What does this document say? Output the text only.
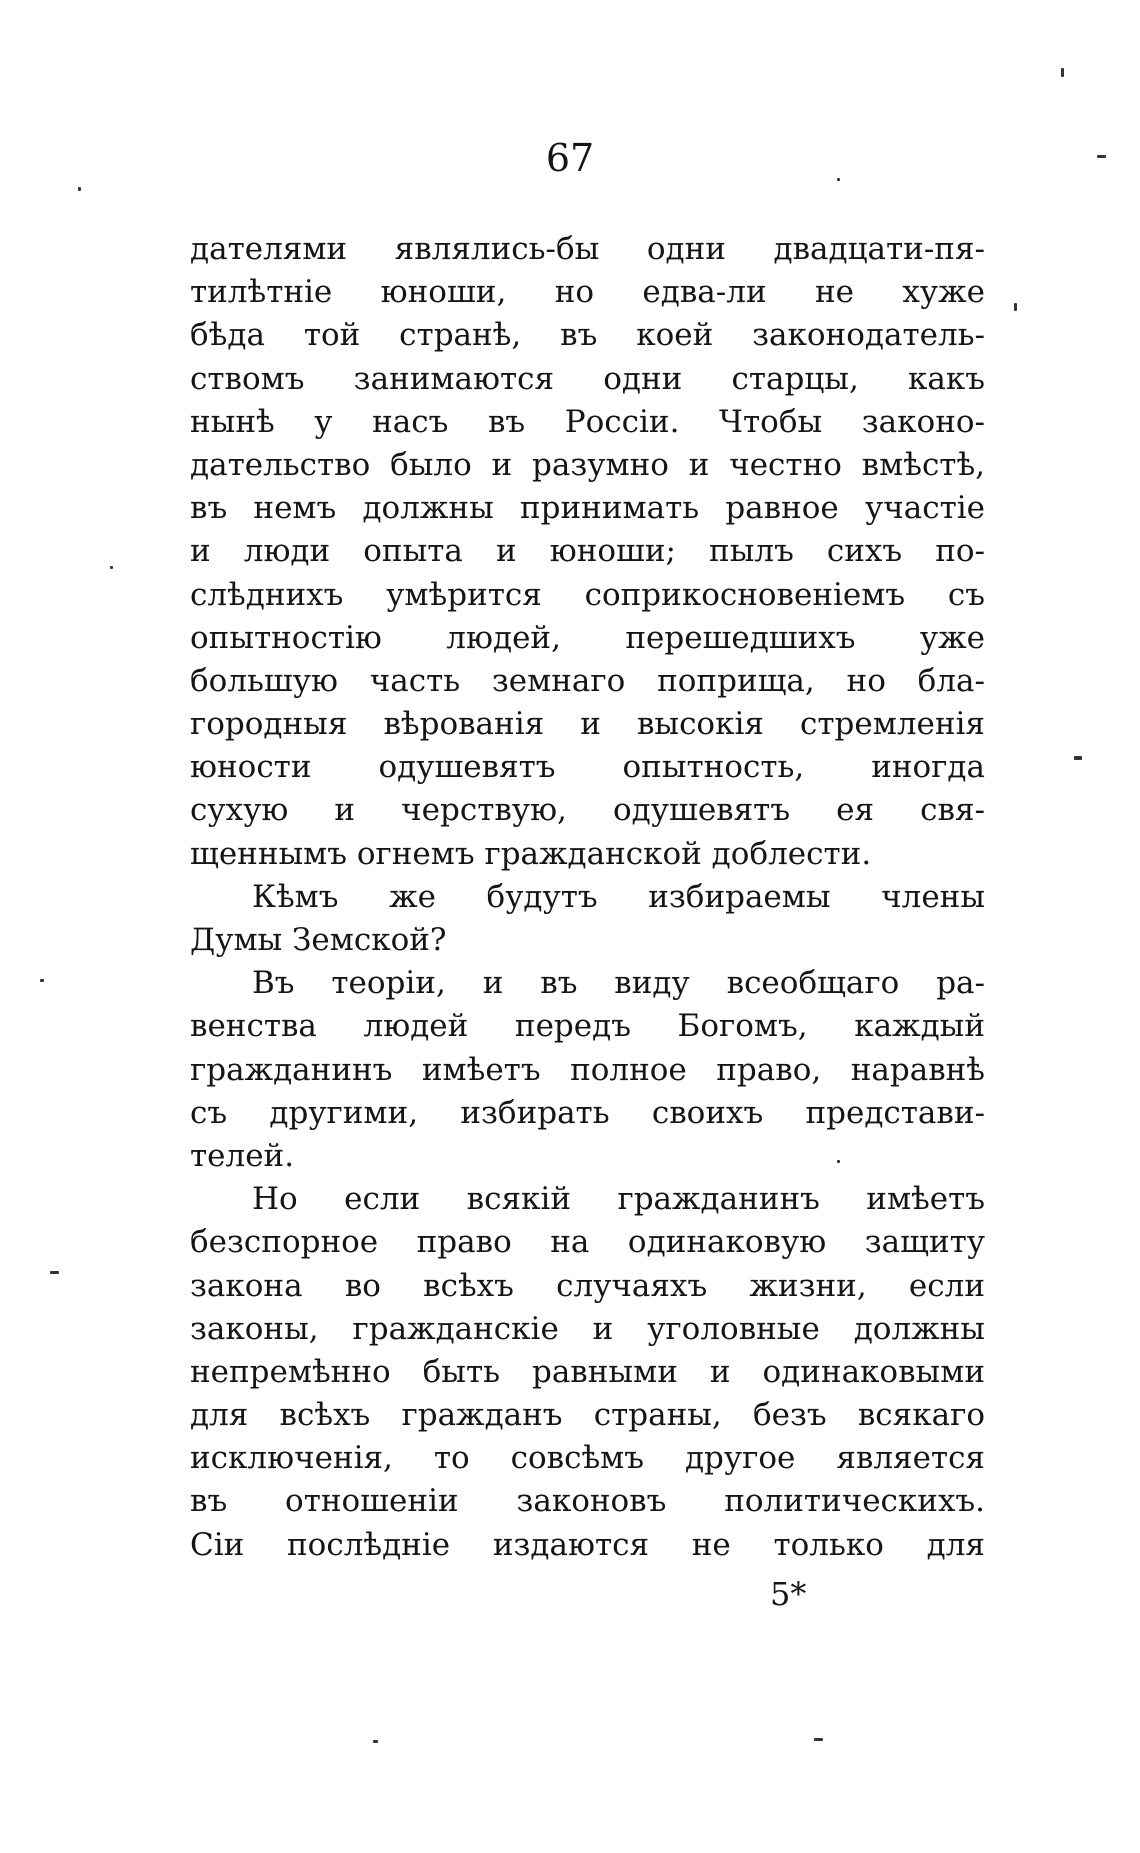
67
дателями являлись-бы одни двадцати-пя-
тилѣтніе юноши, но едва-ли не хуже
бѣда той странѣ, въ коей законодатель-
ствомъ занимаются одни старцы, какъ
нынѣ у насъ въ Россіи. Чтобы законо-
дательство было и разумно и честно вмѣстѣ,
въ немъ должны принимать равное участіе
и люди опыта и юноши; пылъ сихъ по-
слѣднихъ умѣрится соприкосновеніемъ съ
опытностію людей, перешедшихъ уже
большую часть земнаго поприща, но бла-
городныя вѣрованія и высокія стремленія
юности одушевятъ опытность, иногда
сухую и черствую, одушевятъ ея свя-
щеннымъ огнемъ гражданской доблести.
Кѣмъ же будутъ избираемы члены
Думы Земской?
Въ теоріи, и въ виду всеобщаго ра-
венства людей передъ Богомъ, каждый
гражданинъ имѣетъ полное право, наравнѣ
съ другими, избирать своихъ представи-
телей.
Но если всякій гражданинъ имѣетъ
безспорное право на одинаковую защиту
закона во всѣхъ случаяхъ жизни, если
законы, гражданскіе и уголовные должны
непремѣнно быть равными и одинаковыми
для всѣхъ гражданъ страны, безъ всякаго
исключенія, то совсѣмъ другое является
въ отношеніи законовъ политическихъ.
Сіи послѣдніе издаются не только для
5*
